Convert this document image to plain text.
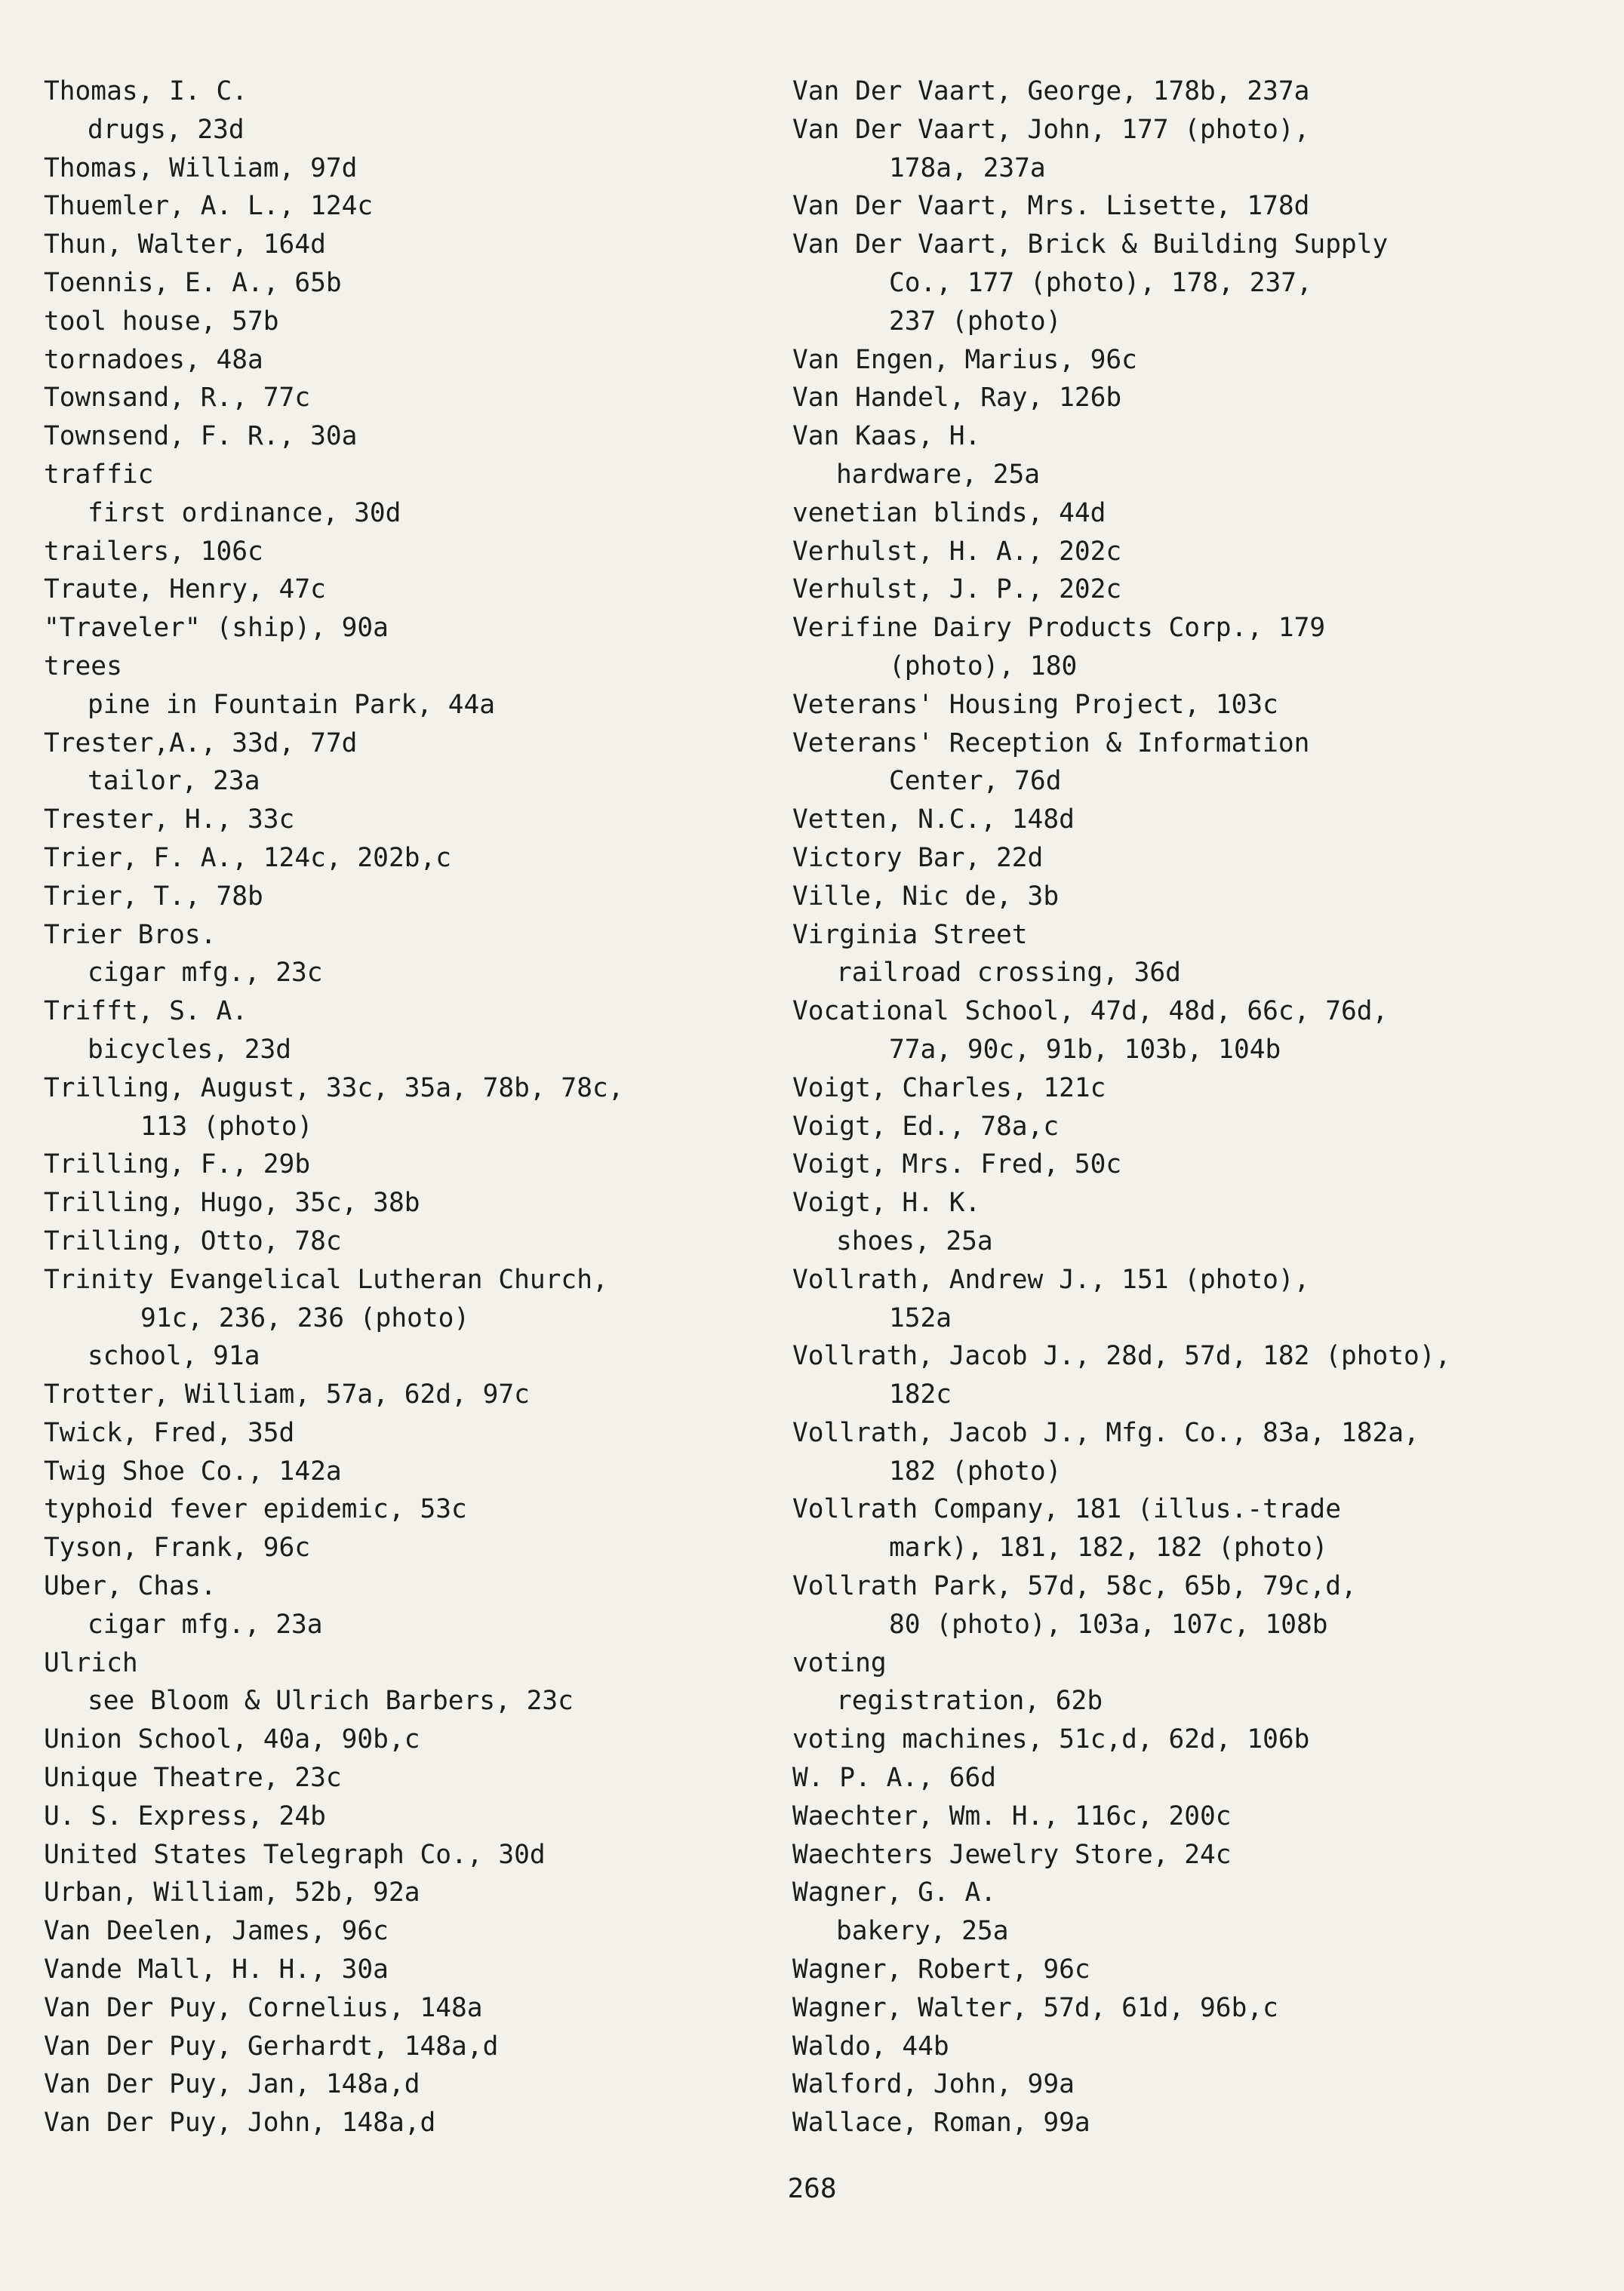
Thomas, I. C.
drugs, 23d
Thomas, William, 97d
Thuemler, A. L., 124c
Thun, Walter, 164d
Toennis, E. A., 65b
tool house, 57b
tornadoes, 48a
Townsand, R., 77c
Townsend, F. R., 30a
traffic
first ordinance, 30d
trailers, 106c
Traute, Henry, 47c
"Traveler" (ship), 90a
trees
pine in Fountain Park, 44a
Trester,A., 33d, 77d
tailor, 23a
Trester, H., 33c
Trier, F. A., 124c, 202b,c
Trier, T., 78b
Trier Bros.
cigar mfg., 23c
Trifft, S. A.
bicycles, 23d
Trilling, August, 33c, 35a, 78b, 78c,
113 (photo)
Trilling, F., 29b
Trilling, Hugo, 35c, 38b
Trilling, Otto, 78c
Trinity Evangelical Lutheran Church,
91c, 236, 236 (photo)
school, 91a
Trotter, William, 57a, 62d, 97c
Twick, Fred, 35d
Twig Shoe Co., 142a
typhoid fever epidemic, 53c
Tyson, Frank, 96c
Uber, Chas.
cigar mfg., 23a
Ulrich
see Bloom & Ulrich Barbers, 23c
Union School, 40a, 90b,c
Unique Theatre, 23c
U. S. Express, 24b
United States Telegraph Co., 30d
Urban, William, 52b, 92a
Van Deelen, James, 96c
Vande Mall, H. H., 30a
Van Der Puy, Cornelius, 148a
Van Der Puy, Gerhardt, 148a,d
Van Der Puy, Jan, 148a,d
Van Der Puy, John, 148a,d
Van Der Vaart, George, 178b, 237a
Van Der Vaart, John, 177 (photo),
178a, 237a
Van Der Vaart, Mrs. Lisette, 178d
Van Der Vaart, Brick & Building Supply
Co., 177 (photo), 178, 237,
237 (photo)
Van Engen, Marius, 96c
Van Handel, Ray, 126b
Van Kaas, H.
hardware, 25a
venetian blinds, 44d
Verhulst, H. A., 202c
Verhulst, J. P., 202c
Verifine Dairy Products Corp., 179
(photo), 180
Veterans' Housing Project, 103c
Veterans' Reception & Information
Center, 76d
Vetten, N.C., 148d
Victory Bar, 22d
Ville, Nic de, 3b
Virginia Street
railroad crossing, 36d
Vocational School, 47d, 48d, 66c, 76d,
77a, 90c, 91b, 103b, 104b
Voigt, Charles, 121c
Voigt, Ed., 78a,c
Voigt, Mrs. Fred, 50c
Voigt, H. K.
shoes, 25a
Vollrath, Andrew J., 151 (photo),
152a
Vollrath, Jacob J., 28d, 57d, 182 (photo),
182c
Vollrath, Jacob J., Mfg. Co., 83a, 182a,
182 (photo)
Vollrath Company, 181 (illus.-trade
mark), 181, 182, 182 (photo)
Vollrath Park, 57d, 58c, 65b, 79c,d,
80 (photo), 103a, 107c, 108b
voting
registration, 62b
voting machines, 51c,d, 62d, 106b
W. P. A., 66d
Waechter, Wm. H., 116c, 200c
Waechters Jewelry Store, 24c
Wagner, G. A.
bakery, 25a
Wagner, Robert, 96c
Wagner, Walter, 57d, 61d, 96b,c
Waldo, 44b
Walford, John, 99a
Wallace, Roman, 99a
268
